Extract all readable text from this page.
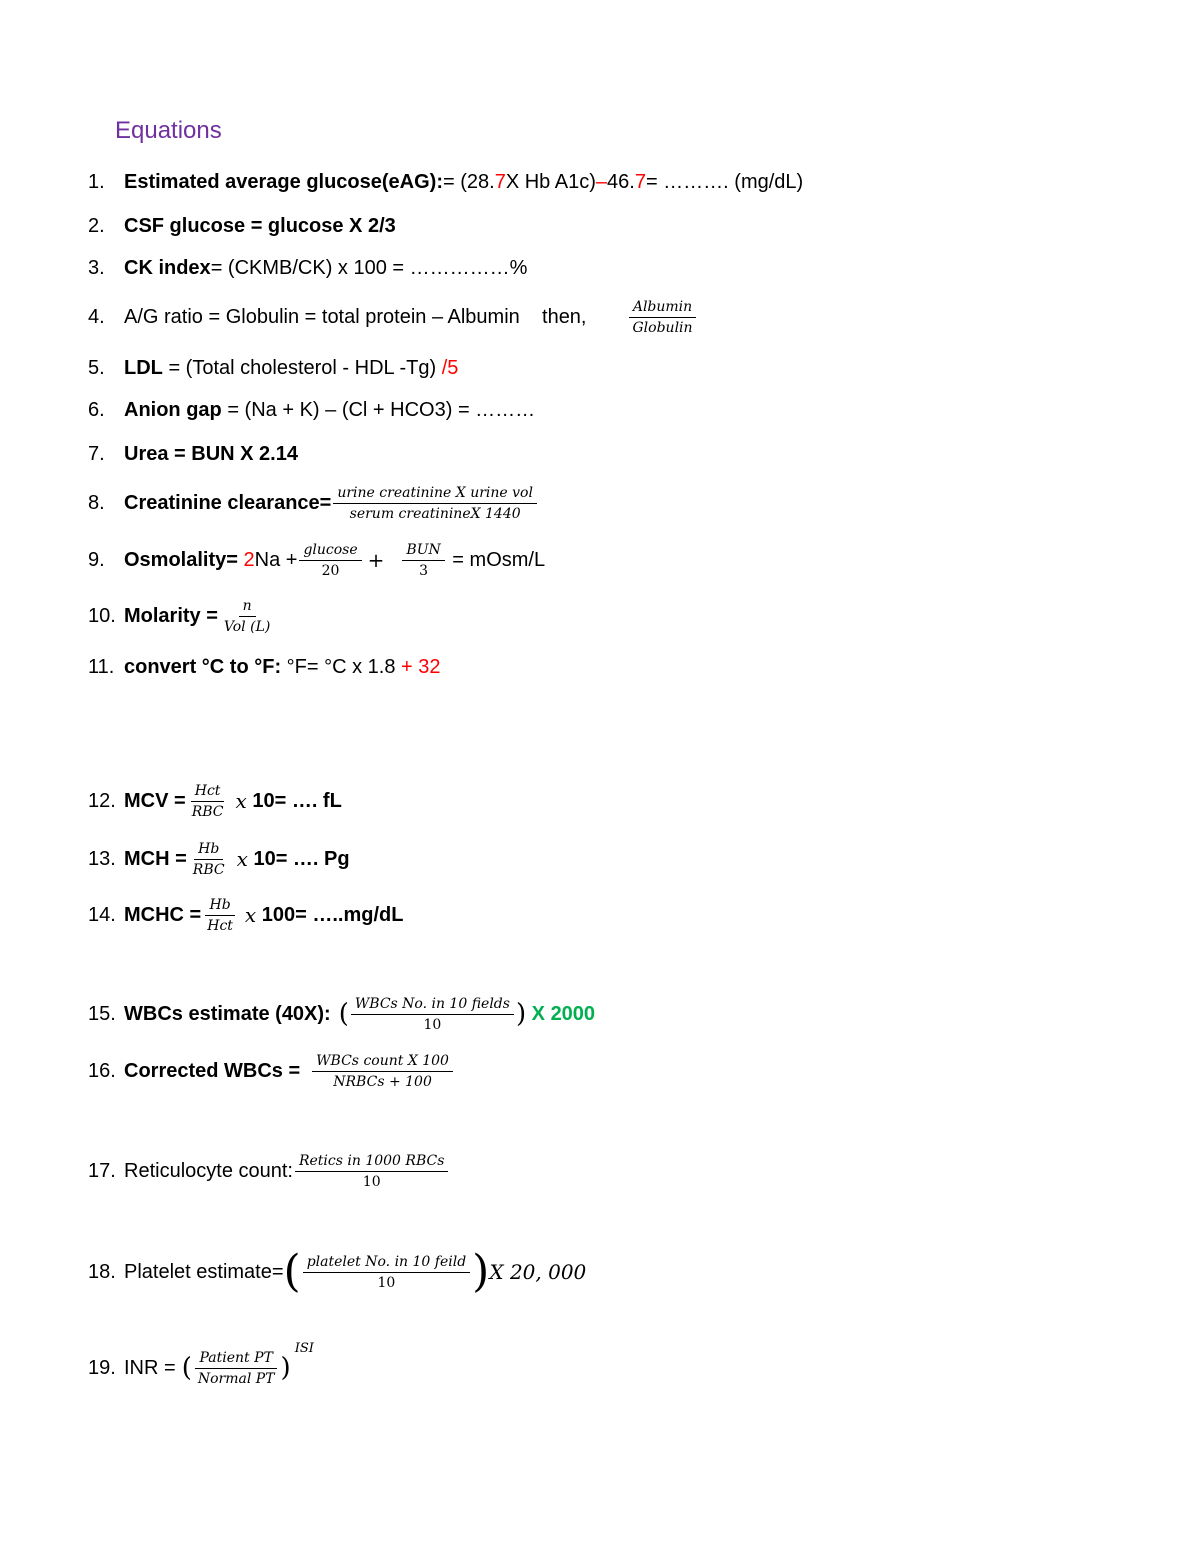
Equations
1. Estimated average glucose(eAG): = (28. 7 X Hb A1c) – 46. 7 = ………. (mg/dL)
2. CSF glucose = glucose X 2/3
3. CK index = (CKMB/CK) x 100 = ……………%
4. A/G ratio = Globulin = total protein – Albumin    then,	$\frac{\text{Albumin}}{\text{Globulin}}$
5. LDL = (Total cholesterol - HDL -Tg) /5
6. Anion gap = (Na + K) – (Cl + HCO3) = ………
7. Urea = BUN X 2.14
8. Creatinine clearance= $\frac{\text{urine creatinine X urine vol}}{\text{serum creatinineX 1440}}$
9. Osmolality= 2 $Na + \frac{\text{glucose}}{20} + \frac{\text{BUN}}{3}$ = mOsm/L
10. Molarity = $\frac{n}{\text{Vol (L)}}$
11. convert °C to °F: °F= °C x 1.8 + 32
12. MCV = $\frac{\text{Hct}}{\text{RBC}}$ x 10= …. fL
13. MCH = $\frac{Hb}{\text{RBC}}$ x 10= …. Pg
14. MCHC = $\frac{Hb}{\text{Hct}}$ x 100= …..mg/dL
15. WBCs estimate (40X): ( $\frac{\text{WBCs No. in 10 fields}}{10}$ ) X 2000
16. Corrected WBCs = $\frac{\text{WBCs count X 100}}{\text{NRBCs + 100}}$
17. Reticulocyte count: $\frac{\text{Retics in 1000 RBCs}}{10}$
18. Platelet estimate= ( $\frac{\text{platelet No. in 10 feild}}{10}$ ) X 20, 000
19. INR = ( $\frac{\text{Patient PT}}{\text{Normal PT}}$ )
ISI
